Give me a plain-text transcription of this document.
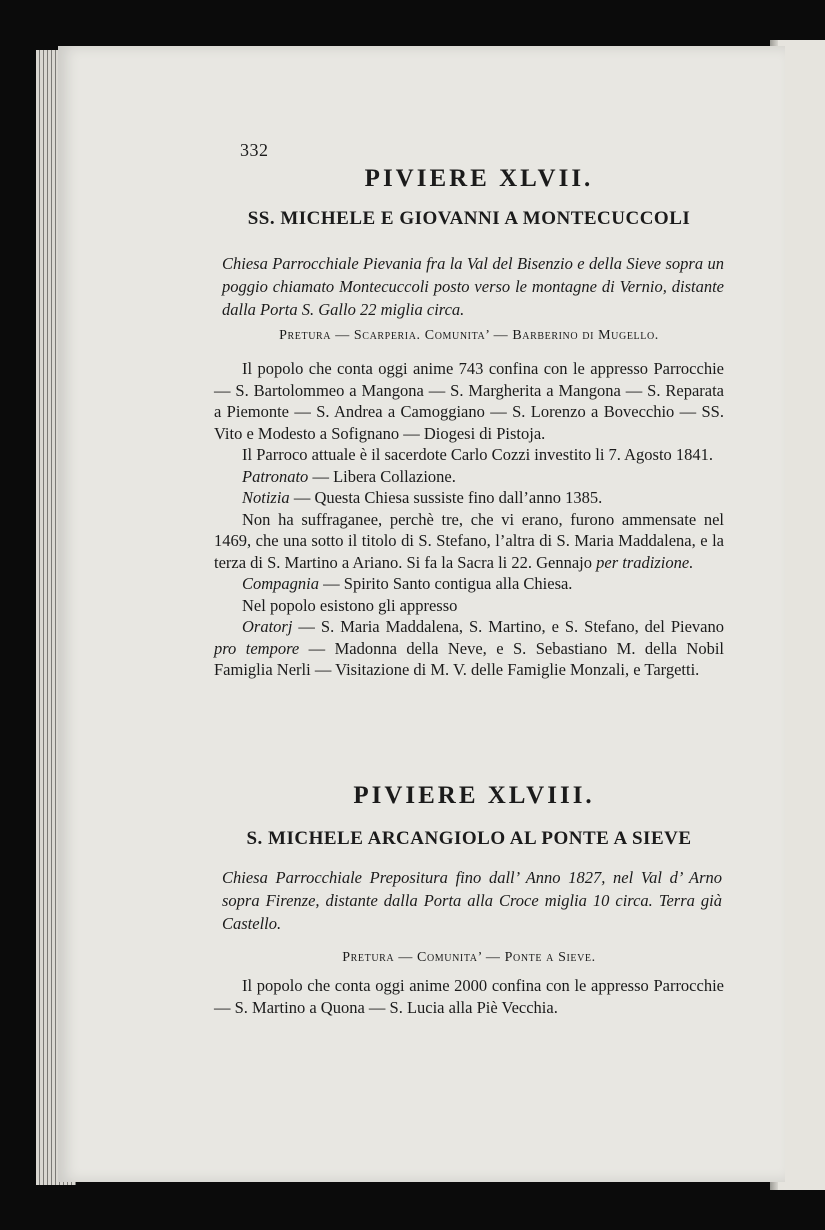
332
PIVIERE XLVII.
SS. MICHELE E GIOVANNI A MONTECUCCOLI

Chiesa Parrocchiale Pievania fra la Val del Bisenzio e della Sieve sopra un poggio chiamato Montecuccoli posto verso le montagne di Vernio, distante dalla Porta S. Gallo 22 miglia circa.

Pretura — Scarperia. Comunita’ — Barberino di Mugello.

Il popolo che conta oggi anime 743 confina con le appresso Parrocchie — S. Bartolommeo a Mangona — S. Margherita a Mangona — S. Reparata a Piemonte — S. Andrea a Camoggiano — S. Lorenzo a Bovecchio — SS. Vito e Modesto a Sofignano — Diogesi di Pistoja.

Il Parroco attuale è il sacerdote Carlo Cozzi investito li 7. Agosto 1841.

Patronato — Libera Collazione.

Notizia — Questa Chiesa sussiste fino dall’anno 1385.

Non ha suffraganee, perchè tre, che vi erano, furono ammensate nel 1469, che una sotto il titolo di S. Stefano, l’altra di S. Maria Maddalena, e la terza di S. Martino a Ariano. Si fa la Sacra li 22. Gennajo per tradizione.

Compagnia — Spirito Santo contigua alla Chiesa.

Nel popolo esistono gli appresso

Oratorj — S. Maria Maddalena, S. Martino, e S. Stefano, del Pievano pro tempore — Madonna della Neve, e S. Sebastiano M. della Nobil Famiglia Nerli — Visitazione di M. V. delle Famiglie Monzali, e Targetti.

PIVIERE XLVIII.
S. MICHELE ARCANGIOLO AL PONTE A SIEVE

Chiesa Parrocchiale Prepositura fino dall’ Anno 1827, nel Val d’ Arno sopra Firenze, distante dalla Porta alla Croce miglia 10 circa. Terra già Castello.

Pretura — Comunita’ — Ponte a Sieve.

Il popolo che conta oggi anime 2000 confina con le appresso Parrocchie — S. Martino a Quona — S. Lucia alla Piè Vecchia.
